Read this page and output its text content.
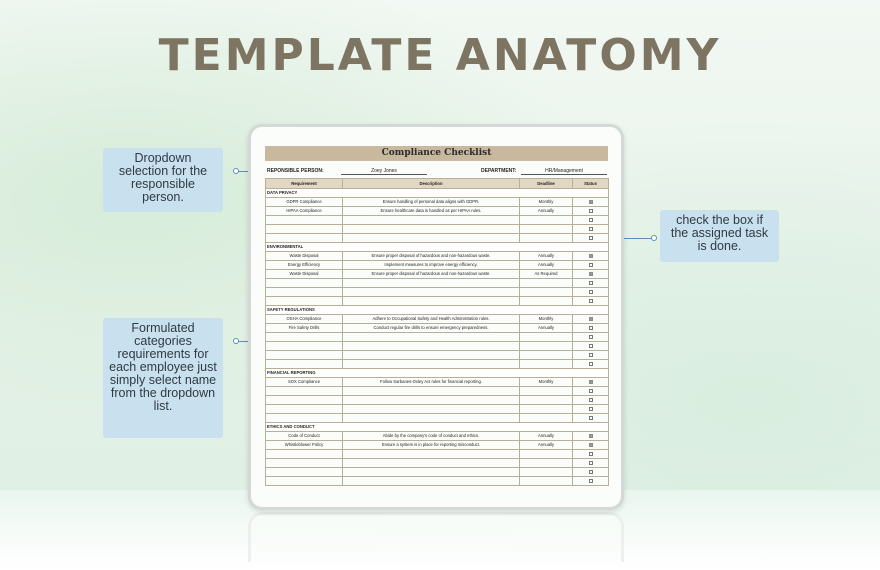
TEMPLATE ANATOMY
Dropdown selection for the responsible person.
Formulated categories requirements for each employee just simply select name from the dropdown list.
check the box if the assigned task is done.
Compliance Checklist
REPONSIBLE PERSON:	Zoey Jones	DEPARTMENT:	HR/Management
Requirement	Description	Deadline	Status
DATA PRIVACY			
GDPR Compliance	Ensure handling of personal data aligns with GDPR.	Monthly	
HIPAA Compliance	Ensure healthcare data is handled as per HIPAA rules.	Annually	

ENVIRONMENTAL			
Waste Disposal	Ensure proper disposal of hazardous and non-hazardous waste.	Annually	
Energy Efficiency	Implement measures to improve energy efficiency.	Annually	
Waste Disposal	Ensure proper disposal of hazardous and non-hazardous waste.	As Required	

SAFETY REGULATIONS			
OSHA Compliance	Adhere to Occupational Safety and Health Administration rules.	Monthly	
Fire Safety Drills	Conduct regular fire drills to ensure emergency preparedness.	Annually	

FINANCIAL REPORTING			
SOX Compliance	Follow Sarbanes-Oxley Act rules for financial reporting.	Monthly	

ETHICS AND CONDUCT			
Code of Conduct	Abide by the company's code of conduct and ethics.	Annually	
Whistleblower Policy	Ensure a system is in place for reporting misconduct.	Annually	
